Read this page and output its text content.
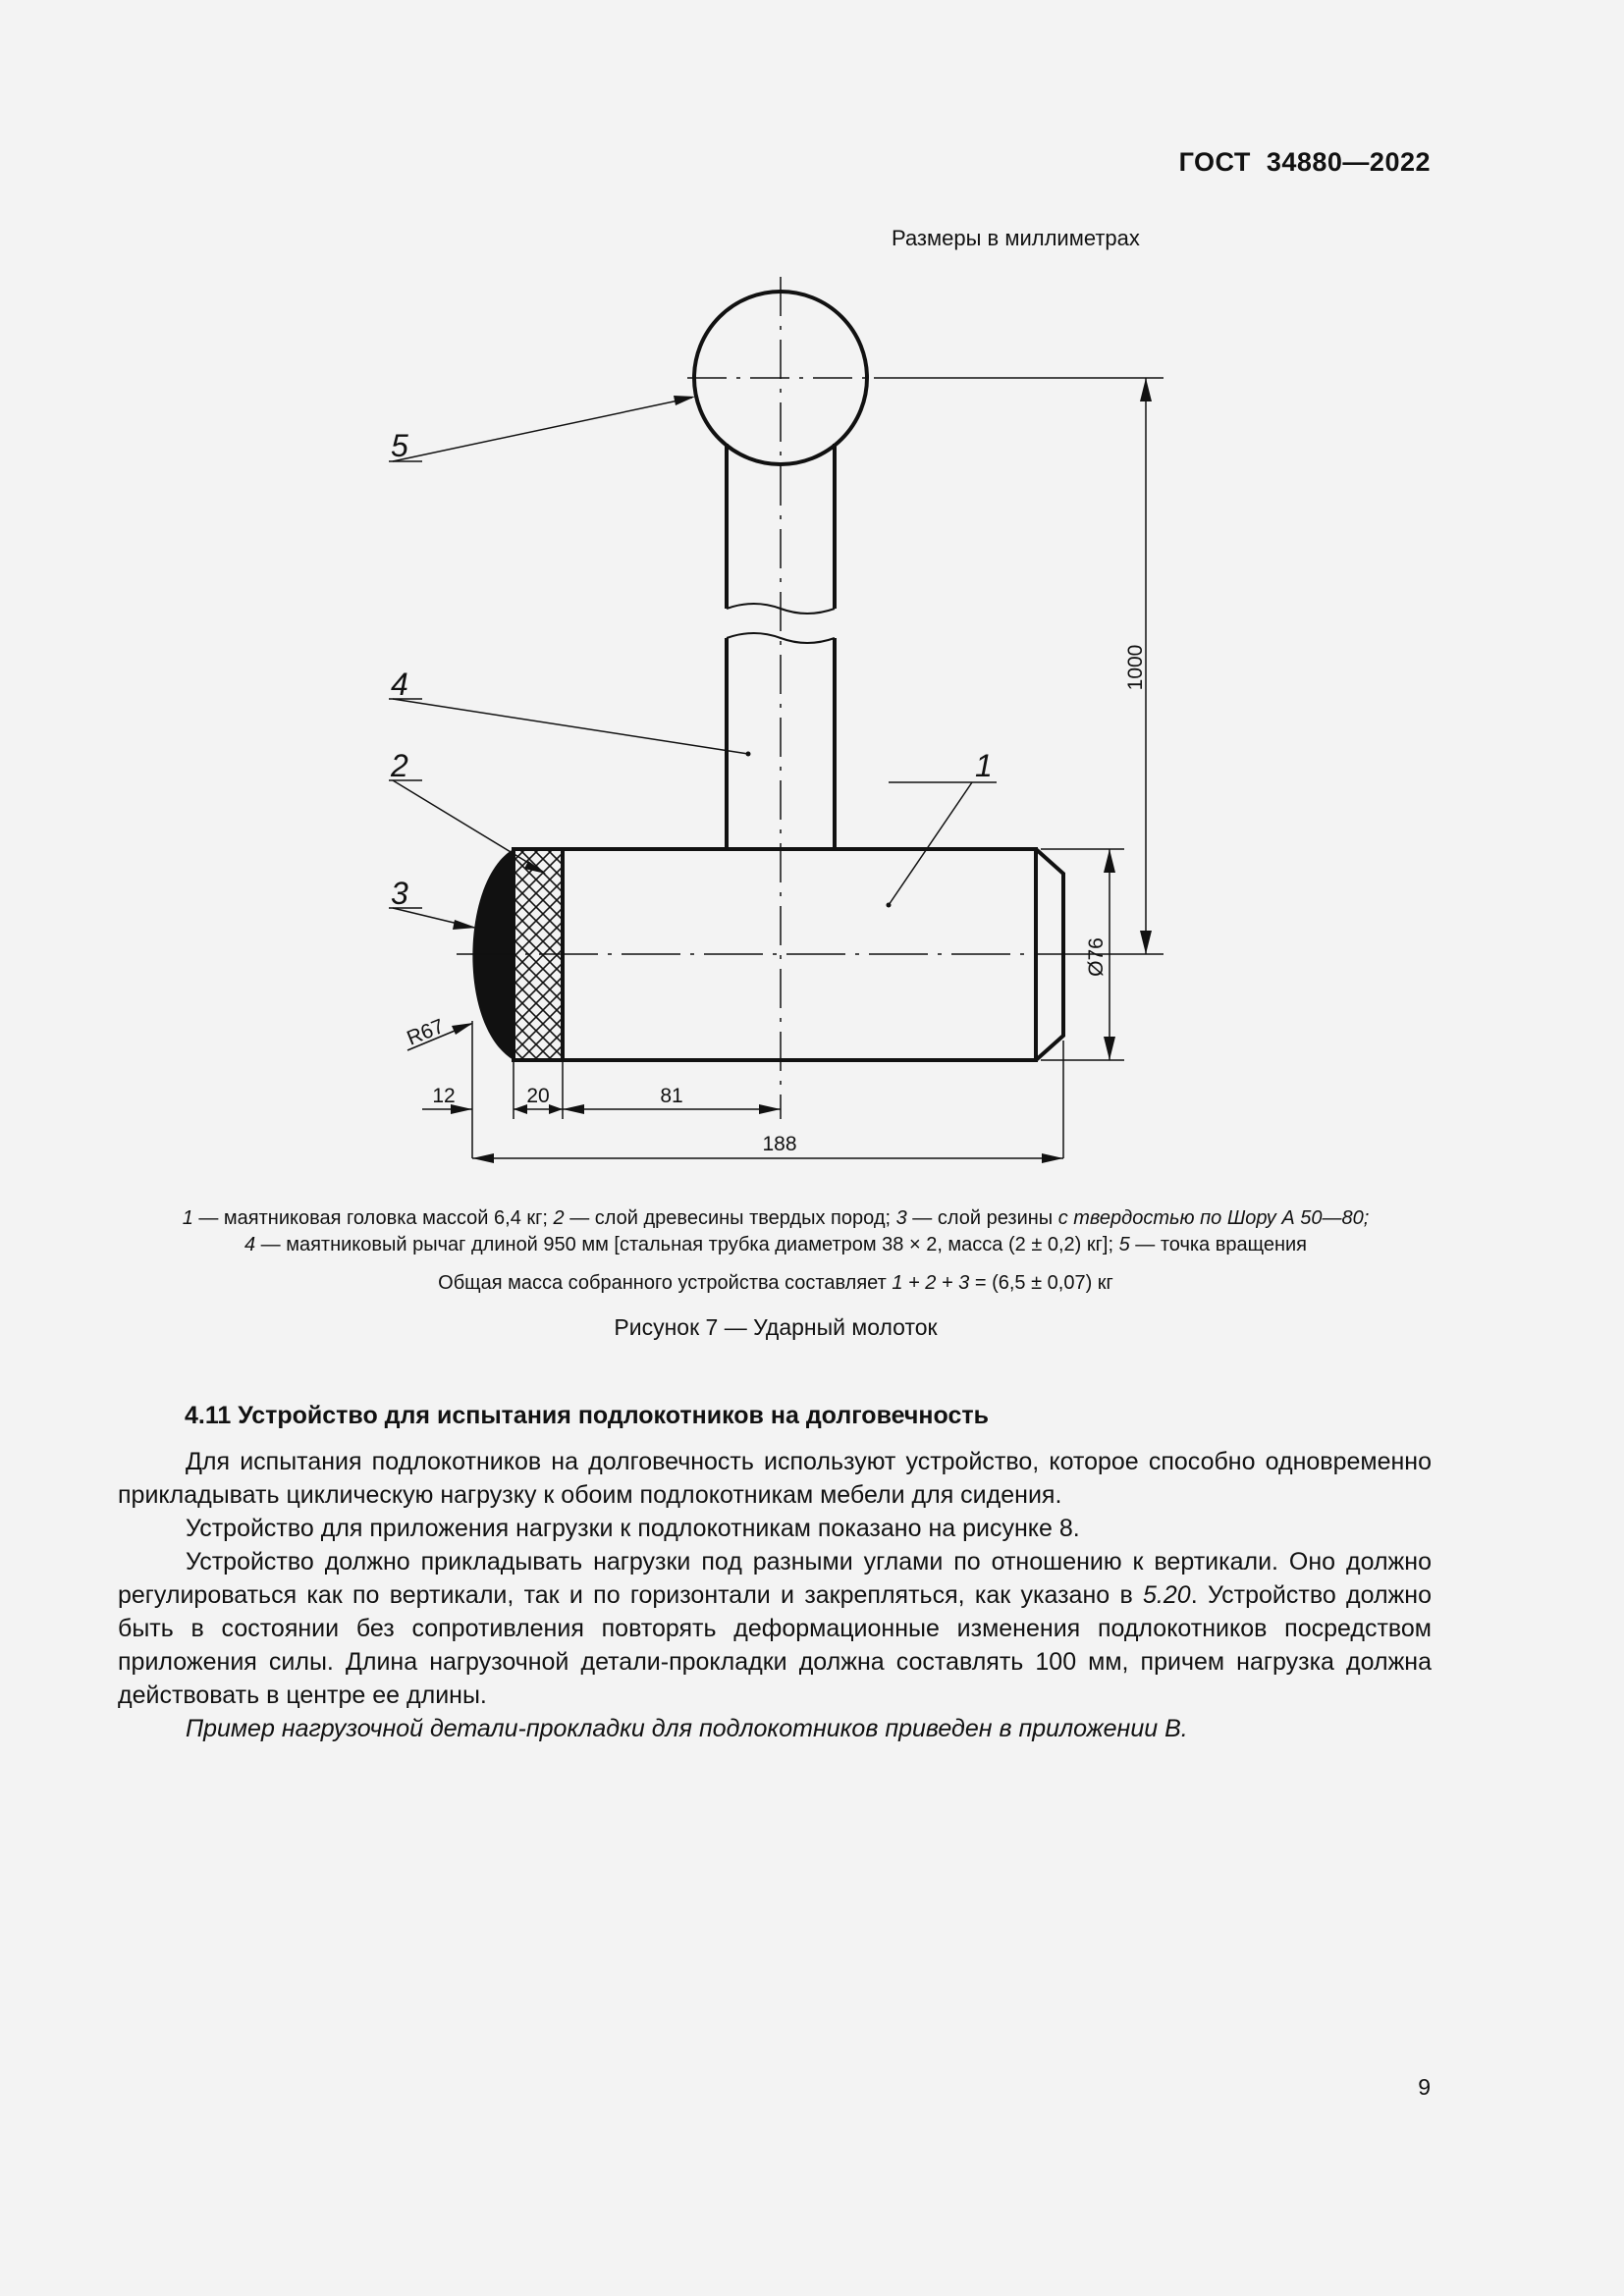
ГОСТ  34880—2022
Размеры в миллиметрах
1000
Ø76
12	20	81
188
R67
5
4
2
3
1
1 — маятниковая головка массой 6,4 кг; 2 — слой древесины твердых пород; 3 — слой резины с твердостью по Шору А 50—80;
4 — маятниковый рычаг длиной 950 мм [стальная трубка диаметром 38 × 2, масса (2 ± 0,2) кг]; 5 — точка вращения
Общая масса собранного устройства составляет 1 + 2 + 3 = (6,5 ± 0,07) кг
Рисунок 7 — Ударный молоток
4.11 Устройство для испытания подлокотников на долговечность

Для испытания подлокотников на долговечность используют устройство, которое способно одновременно прикладывать циклическую нагрузку к обоим подлокотникам мебели для сидения.

Устройство для приложения нагрузки к подлокотникам показано на рисунке 8.

Устройство должно прикладывать нагрузки под разными углами по отношению к вертикали. Оно должно регулироваться как по вертикали, так и по горизонтали и закрепляться, как указано в 5.20. Устройство должно быть в состоянии без сопротивления повторять деформационные изменения подлокотников посредством приложения силы. Длина нагрузочной детали-прокладки должна составлять 100 мм, причем нагрузка должна действовать в центре ее длины.

Пример нагрузочной детали-прокладки для подлокотников приведен в приложении В.

9
